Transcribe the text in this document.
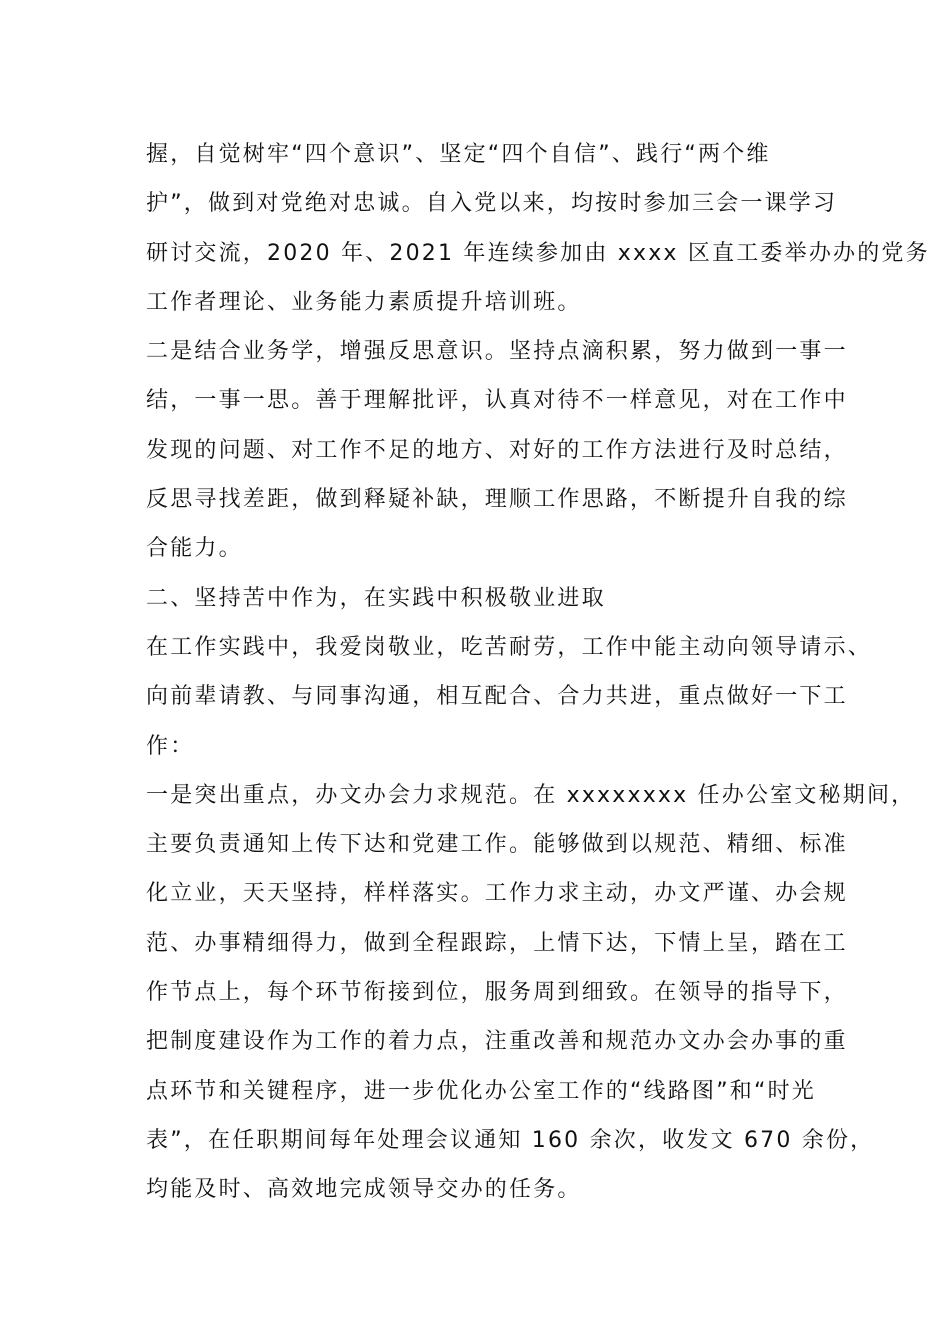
握，自觉树牢“四个意识”、坚定“四个自信”、践行“两个维
护”，做到对党绝对忠诚。自入党以来，均按时参加三会一课学习
研讨交流，2020 年、2021 年连续参加由 xxxx 区直工委举办办的党务
工作者理论、业务能力素质提升培训班。
二是结合业务学，增强反思意识。坚持点滴积累，努力做到一事一
结，一事一思。善于理解批评，认真对待不一样意见，对在工作中
发现的问题、对工作不足的地方、对好的工作方法进行及时总结，
反思寻找差距，做到释疑补缺，理顺工作思路，不断提升自我的综
合能力。
二、坚持苦中作为，在实践中积极敬业进取
在工作实践中，我爱岗敬业，吃苦耐劳，工作中能主动向领导请示、
向前辈请教、与同事沟通，相互配合、合力共进，重点做好一下工
作：
一是突出重点，办文办会力求规范。在 xxxxxxxx 任办公室文秘期间，
主要负责通知上传下达和党建工作。能够做到以规范、精细、标准
化立业，天天坚持，样样落实。工作力求主动，办文严谨、办会规
范、办事精细得力，做到全程跟踪，上情下达，下情上呈，踏在工
作节点上，每个环节衔接到位，服务周到细致。在领导的指导下，
把制度建设作为工作的着力点，注重改善和规范办文办会办事的重
点环节和关键程序，进一步优化办公室工作的“线路图”和“时光
表”，在任职期间每年处理会议通知 160 余次，收发文 670 余份，
均能及时、高效地完成领导交办的任务。
